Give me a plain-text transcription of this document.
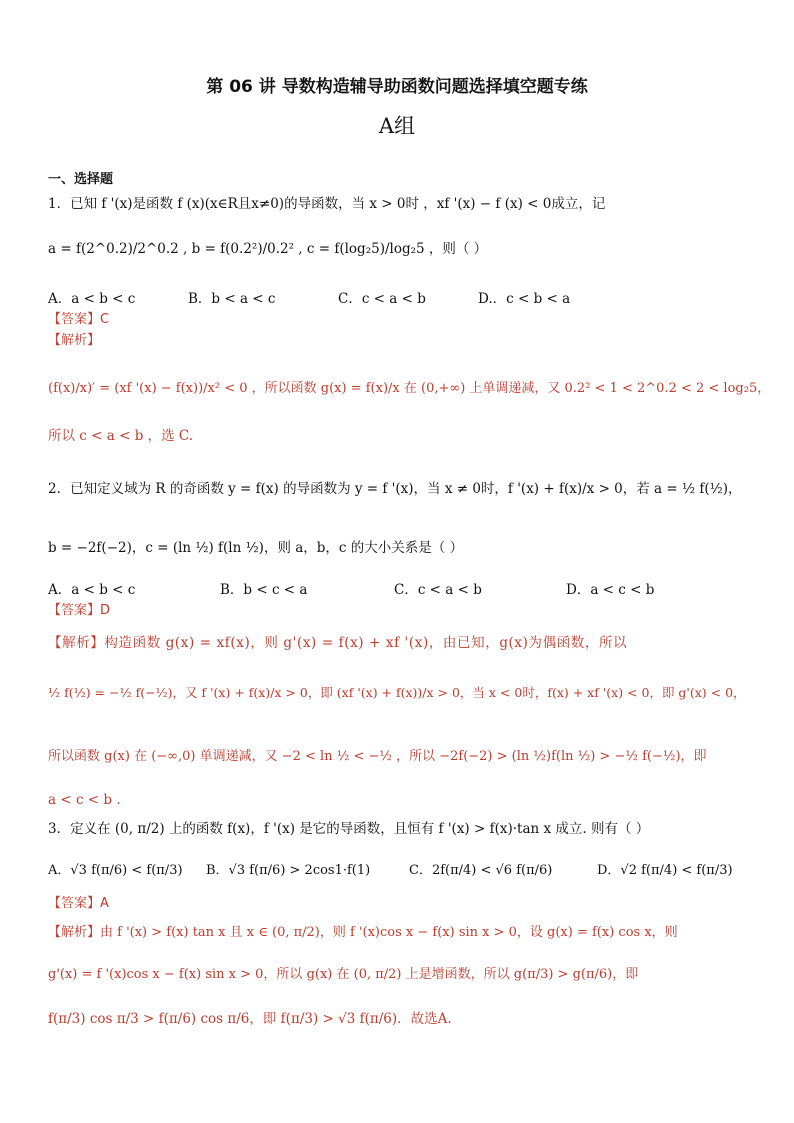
第 06 讲 导数构造辅导助函数问题选择填空题专练
A组
一、选择题
1．已知 f '(x)是函数 f (x)(x∈R且x≠0)的导函数，当 x > 0时 ，xf '(x) − f (x) < 0成立，记
a = f(2^0.2)/2^0.2 , b = f(0.2²)/0.2² , c = f(log₂5)/log₂5 ，则（ ）
A．a < b < c	B．b < a < c	C．c < a < b	D.．c < b < a
【答案】C
【解析】
(f(x)/x)′ = (xf '(x) − f(x))/x² < 0 ，所以函数 g(x) = f(x)/x 在 (0,+∞) 上单调递减，又 0.2² < 1 < 2^0.2 < 2 < log₂5，
所以 c < a < b ，选 C.
2．已知定义域为 R 的奇函数 y = f(x) 的导函数为 y = f '(x)，当 x ≠ 0时，f '(x) + f(x)/x > 0，若 a = ½ f(½)，
b = −2f(−2)，c = (ln ½) f(ln ½)，则 a，b，c 的大小关系是（ ）
A．a < b < c	B．b < c < a	C．c < a < b	D．a < c < b
【答案】D
【解析】构造函数 g(x) = xf(x)，则 g'(x) = f(x) + xf '(x)，由已知，g(x)为偶函数，所以
½ f(½) = −½ f(−½)，又 f '(x) + f(x)/x > 0，即 (xf '(x) + f(x))/x > 0，当 x < 0时，f(x) + xf '(x) < 0，即 g'(x) < 0，
所以函数 g(x) 在 (−∞,0) 单调递减，又 −2 < ln ½ < −½ ，所以 −2f(−2) > (ln ½)f(ln ½) > −½ f(−½)，即
a < c < b .
3．定义在 (0, π/2) 上的函数 f(x)，f '(x) 是它的导函数，且恒有 f '(x) > f(x)·tan x 成立. 则有（ ）
A．√3 f(π/6) < f(π/3) B．√3 f(π/6) > 2cos1·f(1)	C．2f(π/4) < √6 f(π/6)	D．√2 f(π/4) < f(π/3)
【答案】A
【解析】由 f '(x) > f(x) tan x 且 x ∈ (0, π/2)，则 f '(x)cos x − f(x) sin x > 0，设 g(x) = f(x) cos x，则
g'(x) = f '(x)cos x − f(x) sin x > 0，所以 g(x) 在 (0, π/2) 上是增函数，所以 g(π/3) > g(π/6)，即
f(π/3) cos π/3 > f(π/6) cos π/6，即 f(π/3) > √3 f(π/6)．故选A.
